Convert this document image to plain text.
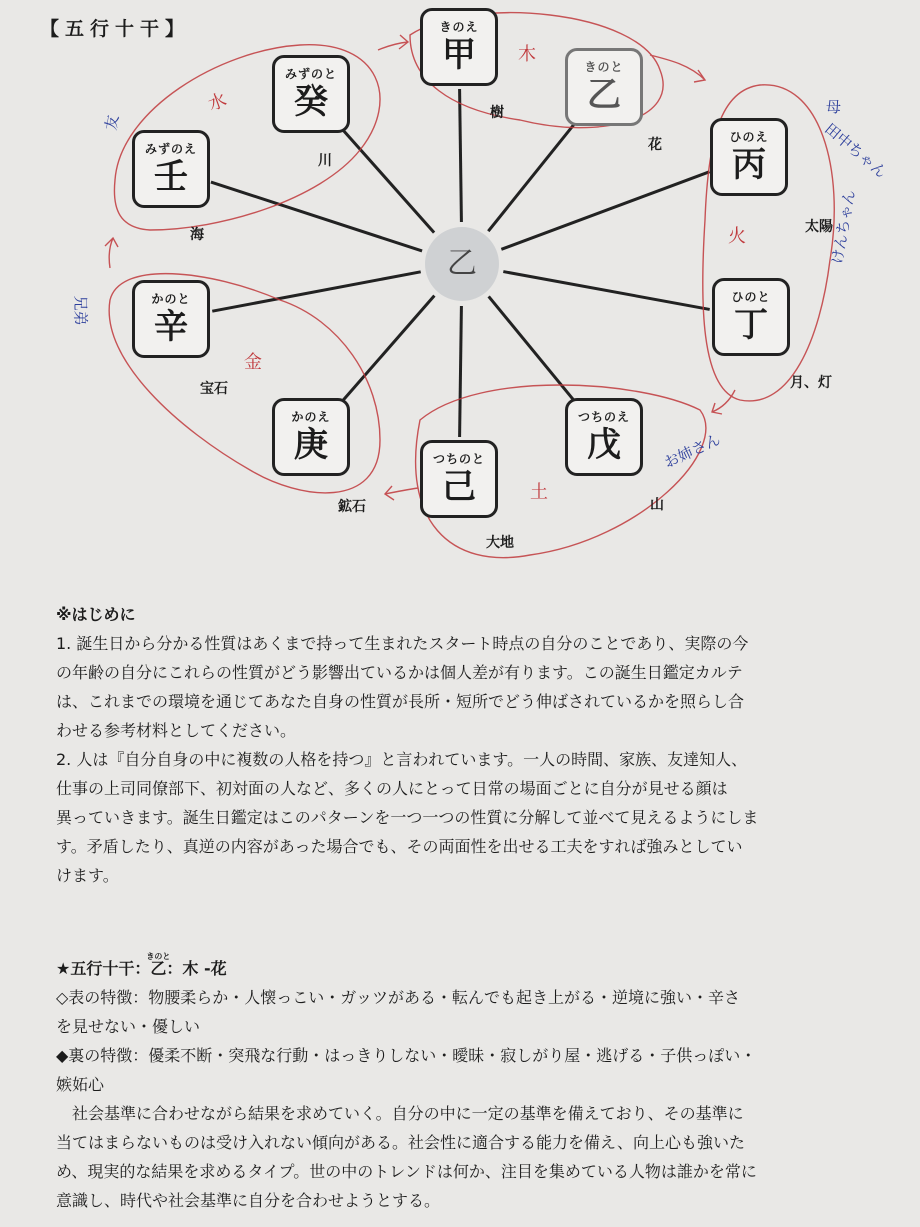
【五行十干】
乙
きのえ
甲
樹
きのと
乙
花	ひのえ
丙
太陽
ひのと
丁
月、灯
つちのえ
戊
山
つちのと
己
大地
かのえ
庚
鉱石
かのと
辛
宝石
みずのえ
壬
海
みずのと
癸
川
木
火
土
金
水	母
田中ちゃん
けんちゃん
お姉さん
友
兄弟

※はじめに

1. 誕生日から分かる性質はあくまで持って生まれたスタート時点の自分のことであり、実際の今

の年齢の自分にこれらの性質がどう影響出ているかは個人差が有ります。この誕生日鑑定カルテ

は、これまでの環境を通じてあなた自身の性質が長所・短所でどう伸ばされているかを照らし合

わせる参考材料としてください。

2. 人は『自分自身の中に複数の人格を持つ』と言われています。一人の時間、家族、友達知人、

仕事の上司同僚部下、初対面の人など、多くの人にとって日常の場面ごとに自分が見せる顔は

異っていきます。誕生日鑑定はこのパターンを一つ一つの性質に分解して並べて見えるようにしま

す。矛盾したり、真逆の内容があった場合でも、その両面性を出せる工夫をすれば強みとしてい

けます。

★五行十干：
きのと
乙：木 -花

◇表の特徴：物腰柔らか・人懐っこい・ガッツがある・転んでも起き上がる・逆境に強い・辛さ

を見せない・優しい

◆裏の特徴：優柔不断・突飛な行動・はっきりしない・曖昧・寂しがり屋・逃げる・子供っぽい・

嫉妬心

　社会基準に合わせながら結果を求めていく。自分の中に一定の基準を備えており、その基準に

当てはまらないものは受け入れない傾向がある。社会性に適合する能力を備え、向上心も強いた

め、現実的な結果を求めるタイプ。世の中のトレンドは何か、注目を集めている人物は誰かを常に

意識し、時代や社会基準に自分を合わせようとする。
